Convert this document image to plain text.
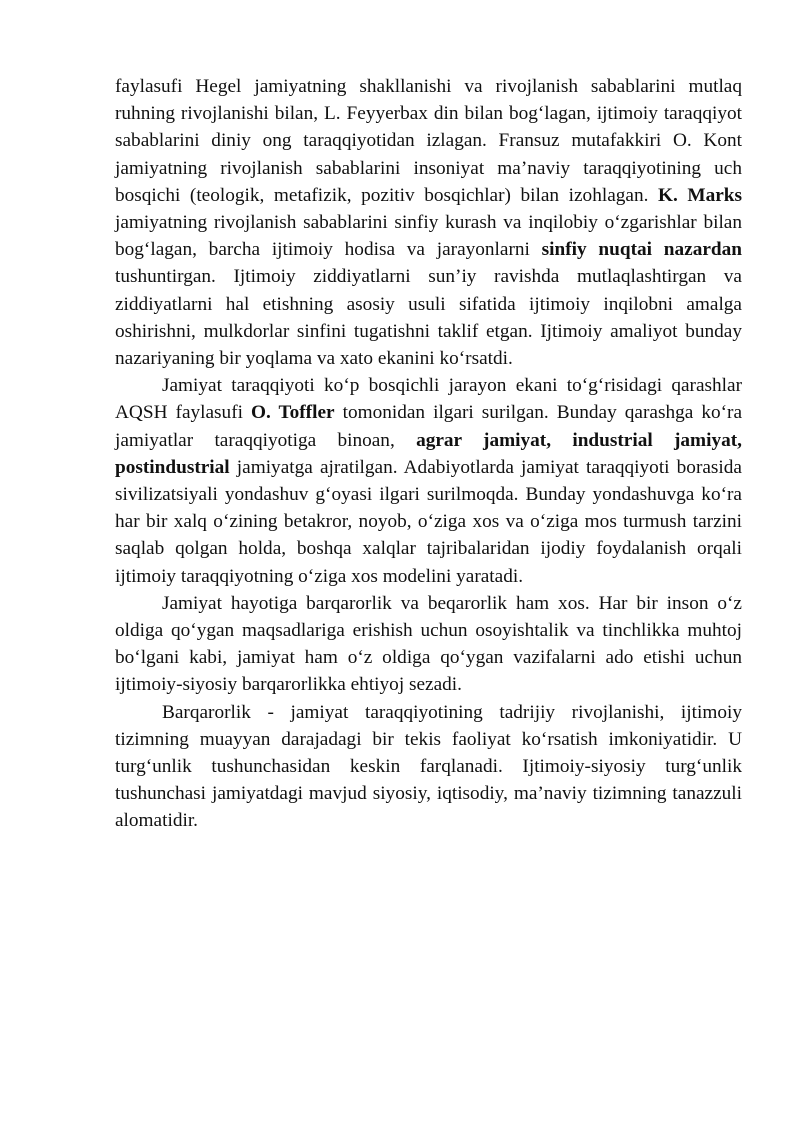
faylasufi Hegel jamiyatning shakllanishi va rivojlanish sabablarini mutlaq ruhning rivojlanishi bilan, L. Feyyerbax din bilan bog‘lagan, ijtimoiy taraqqiyot sabablarini diniy ong taraqqiyotidan izlagan. Fransuz mutafakkiri O. Kont jamiyatning rivojlanish sabablarini insoniyat ma’naviy taraqqiyotining uch bosqichi (teologik, metafizik, pozitiv bosqichlar) bilan izohlagan. K. Marks jamiyatning rivojlanish sabablarini sinfiy kurash va inqilobiy o‘zgarishlar bilan bog‘lagan, barcha ijtimoiy hodisa va jarayonlarni sinfiy nuqtai nazardan tushuntirgan. Ijtimoiy ziddiyatlarni sun’iy ravishda mutlaqlashtirgan va ziddiyatlarni hal etishning asosiy usuli sifatida ijtimoiy inqilobni amalga oshirishni, mulkdorlar sinfini tugatishni taklif etgan. Ijtimoiy amaliyot bunday nazariyaning bir yoqlama va xato ekanini ko‘rsatdi.

Jamiyat taraqqiyoti ko‘p bosqichli jarayon ekani to‘g‘risidagi qarashlar AQSH faylasufi O. Toffler tomonidan ilgari surilgan. Bunday qarashga ko‘ra jamiyatlar taraqqiyotiga binoan, agrar jamiyat, industrial jamiyat, postindustrial jamiyatga ajratilgan. Adabiyotlarda jamiyat taraqqiyoti borasida sivilizatsiyali yondashuv g‘oyasi ilgari surilmoqda. Bunday yondashuvga ko‘ra har bir xalq o‘zining betakror, noyob, o‘ziga xos va o‘ziga mos turmush tarzini saqlab qolgan holda, boshqa xalqlar tajribalaridan ijodiy foydalanish orqali ijtimoiy taraqqiyotning o‘ziga xos modelini yaratadi.

Jamiyat hayotiga barqarorlik va beqarorlik ham xos. Har bir inson o‘z oldiga qo‘ygan maqsadlariga erishish uchun osoyishtalik va tinchlikka muhtoj bo‘lgani kabi, jamiyat ham o‘z oldiga qo‘ygan vazifalarni ado etishi uchun ijtimoiy-siyosiy barqarorlikka ehtiyoj sezadi.

Barqarorlik - jamiyat taraqqiyotining tadrijiy rivojlanishi, ijtimoiy tizimning muayyan darajadagi bir tekis faoliyat ko‘rsatish imkoniyatidir. U turg‘unlik tushunchasidan keskin farqlanadi. Ijtimoiy-siyosiy turg‘unlik tushunchasi jamiyatdagi mavjud siyosiy, iqtisodiy, ma’naviy tizimning tanazzuli alomatidir.
